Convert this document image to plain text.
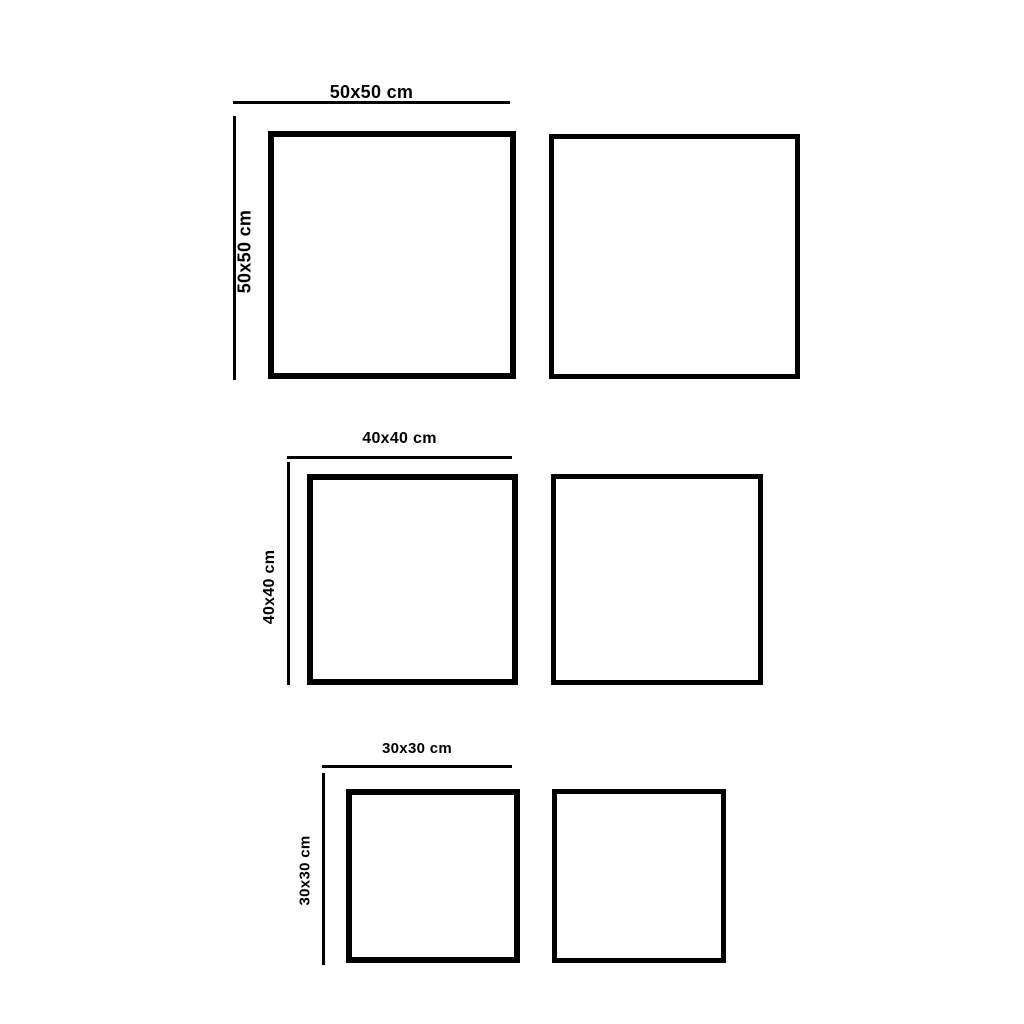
50x50 cm
50x50 cm
40x40 cm
40x40 cm
30x30 cm
30x30 cm
